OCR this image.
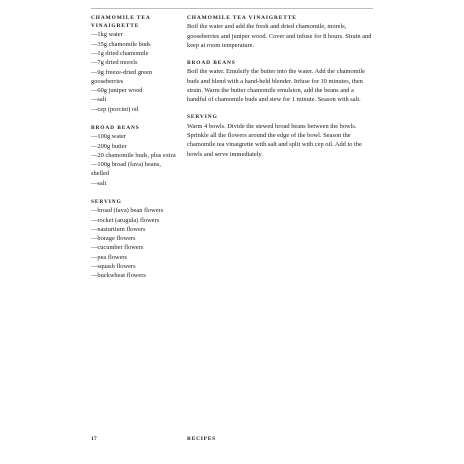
CHAMOMILE TEA VINAIGRETTE

—1kg water
—35g chamomile buds
—1g dried chamomile
—7g dried morels
—9g freeze-dried green gooseberries
—60g juniper wood
—salt
—cep (porcini) oil

BROAD BEANS

—100g water
—200g butter
—20 chamomile buds, plus extra
—100g broad (fava) beans, shelled
—salt

SERVING

—broad (fava) bean flowers
—rocket (arugula) flowers
—nasturtium flowers
—borage flowers
—cucumber flowers
—pea flowers
—squash flowers
—buckwheat flowers

CHAMOMILE TEA VINAIGRETTE

Boil the water and add the fresh and dried chamomile, morels, gooseberries and juniper wood. Cover and infuse for 8 hours. Strain and keep at room temperature.

BROAD BEANS

Boil the water. Emulsify the butter into the water. Add the chamomile buds and blend with a hand-held blender. Infuse for 10 minutes, then strain. Warm the butter chamomile emulsion, add the beans and a handful of chamomile buds and stew for 1 minute. Season with salt.

SERVING

Warm 4 bowls. Divide the stewed broad beans between the bowls. Sprinkle all the flowers around the edge of the bowl. Season the chamomile tea vinaigrette with salt and split with cep oil. Add to the bowls and serve immediately.

17	RECIPES
